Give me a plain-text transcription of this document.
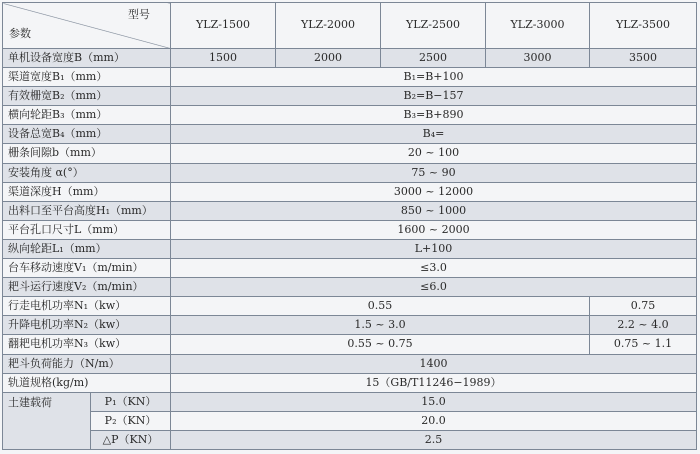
型号
参数		YLZ-1500	YLZ-2000	YLZ-2500	YLZ-3000	YLZ-3500
单机设备宽度B（mm）		1500	2000	2500	3000	3500
渠道宽度B₁（mm）		B₁=B+100				
有效栅宽B₂（mm）		B₂=B−157				
横向轮距B₃（mm）		B₃=B+890				
设备总宽B₄（mm）		B₄=				
栅条间隙b（mm）		20 ~ 100				
安装角度 α(°）		75 ~ 90				
渠道深度H（mm）		3000 ~ 12000				
出料口至平台高度H₁（mm）		850 ~ 1000				
平台孔口尺寸L（mm）		1600 ~ 2000				
纵向轮距L₁（mm）		L+100				
台车移动速度V₁（m/min）		≤3.0				
耙斗运行速度V₂（m/min）		≤6.0				
行走电机功率N₁（kw）		0.55				0.75
升降电机功率N₂（kw）		1.5 ~ 3.0				2.2 ~ 4.0
翻耙电机功率N₃（kw）		0.55 ~ 0.75				0.75 ~ 1.1
耙斗负荷能力（N/m）		1400				
轨道规格(kg/m)		15（GB/T11246−1989）				
土建载荷	P₁（KN）	15.0				
	P₂（KN）	20.0				
	△P（KN）	2.5				
